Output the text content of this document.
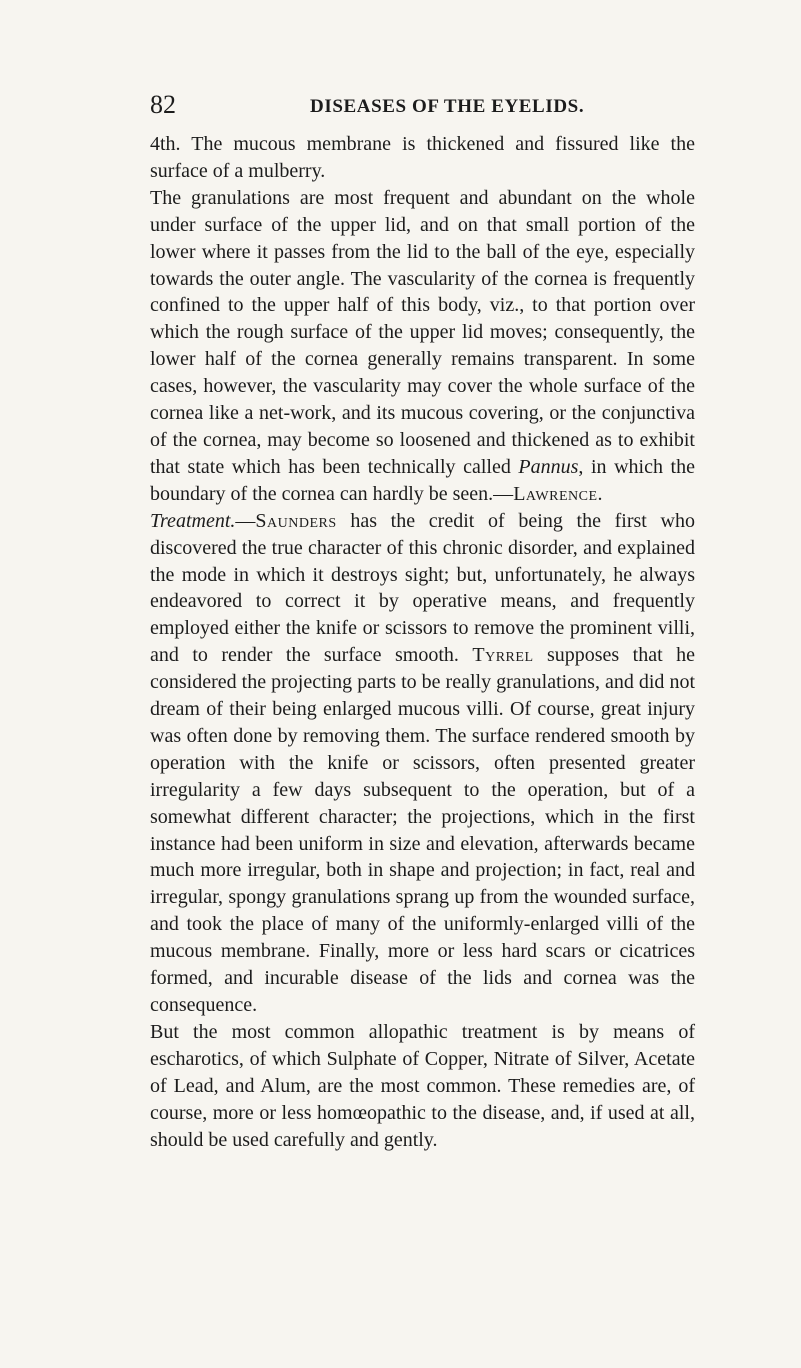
82	DISEASES OF THE EYELIDS.

4th. The mucous membrane is thickened and fissured like the surface of a mulberry.

The granulations are most frequent and abundant on the whole under surface of the upper lid, and on that small portion of the lower where it passes from the lid to the ball of the eye, especially towards the outer angle. The vascularity of the cornea is frequently confined to the upper half of this body, viz., to that portion over which the rough surface of the upper lid moves; consequently, the lower half of the cornea generally remains transparent. In some cases, however, the vascularity may cover the whole surface of the cornea like a net-work, and its mucous covering, or the conjunctiva of the cornea, may become so loosened and thickened as to exhibit that state which has been technically called Pannus, in which the boundary of the cornea can hardly be seen.—Lawrence.

Treatment.—Saunders has the credit of being the first who discovered the true character of this chronic disorder, and explained the mode in which it destroys sight; but, unfortunately, he always endeavored to correct it by operative means, and frequently employed either the knife or scissors to remove the prominent villi, and to render the surface smooth. Tyrrel supposes that he considered the projecting parts to be really granulations, and did not dream of their being enlarged mucous villi. Of course, great injury was often done by removing them. The surface rendered smooth by operation with the knife or scissors, often presented greater irregularity a few days subsequent to the operation, but of a somewhat different character; the projections, which in the first instance had been uniform in size and elevation, afterwards became much more irregular, both in shape and projection; in fact, real and irregular, spongy granulations sprang up from the wounded surface, and took the place of many of the uniformly-enlarged villi of the mucous membrane. Finally, more or less hard scars or cicatrices formed, and incurable disease of the lids and cornea was the consequence.

But the most common allopathic treatment is by means of escharotics, of which Sulphate of Copper, Nitrate of Silver, Acetate of Lead, and Alum, are the most common. These remedies are, of course, more or less homœopathic to the disease, and, if used at all, should be used carefully and gently.
